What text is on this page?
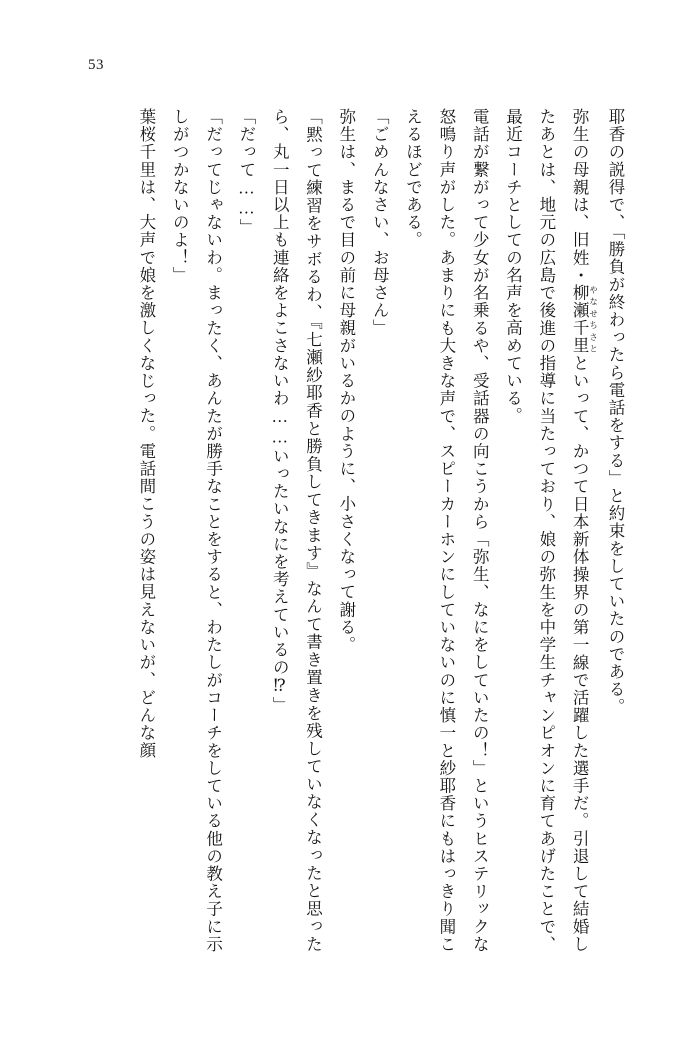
53

耶香の説得で、「勝負が終わったら電話をする」と約束をしていたのである。

弥生の母親は、旧姓・柳瀬 やなせ千里 ちさとといって、かつて日本新体操界の第一線で活躍した選手だ。引退して結婚したあとは、地元の広島で後進の指導に当たっており、娘の弥生を中学生チャンピオンに育てあげたことで、最近コーチとしての名声を高めている。

電話が繋がって少女が名乗るや、受話器の向こうから「弥生、なにをしていたの！」というヒステリックな怒鳴り声がした。あまりにも大きな声で、スピーカーホンにしていないのに慎一と紗耶香にもはっきり聞こえるほどである。

「ごめんなさい、お母さん」

弥生は、まるで目の前に母親がいるかのように、小さくなって謝る。

「黙って練習をサボるわ、『七瀬紗耶香と勝負してきます』なんて書き置きを残していなくなったと思ったら、丸一日以上も連絡をよこさないわ……いったいなにを考えているの⁉」

「だって……」

「だってじゃないわ。まったく、あんたが勝手なことをすると、わたしがコーチをしている他の教え子に示しがつかないのよ！」

葉桜千里は、大声で娘を激しくなじった。電話間こうの姿は見えないが、どんな顔
